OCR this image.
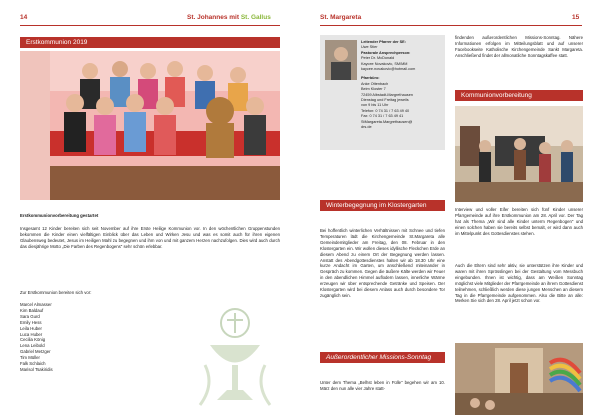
14	St. Johannes mit St. Gallus
Erstkommunion 2019
Erstkommunionvorbereitung gestartet
Insgesamt 12 Kinder bereiten sich seit November auf ihre Erste Heilige Kommunion vor. In den wöchentlichen Gruppenstunden bekommen die Kinder einen vielfältigen Einblick über das Leben und Wirken Jesu und was es somit auch für ihren eigenen Glaubensweg bedeutet, Jesus im Heiligen Mahl zu begegnen und ihm von und mit ganzem Herzen nachzufolgen. Dies wird auch durch das diesjährige Motto „Die Farben des Regenbogens" sehr schön erlebbar.
Zur Erstkommunion bereiten sich vor:
Marcel Almasser
Kim Baldauf
Sara Gurd
Emily Hess
Leila Huber
Luca Huber
Cecilia König
Lena Leibold
Gabriel Metzger
Tim Müller
Falk Schlaich
Marisol Tsakiridis
St. Margareta	15
Leitender Pfarrer der SE:
Uwe Stier
Pastorale Ansprechperson:
Peter Dr. McDonald
Kaycee Novakovic, SM/MM
kaycee.novakovic@hotmail.com
Pfarrbüro:
Anke Ottenbach
Beim Kloster 7
72459 Albstadt-Margrethausen
Dienstag und Freitag jeweils
von 9 bis 11 Uhr
Telefon: 0 74 31 / 7 63 49 40
Fax: 0 74 31 / 7 63 49 41
StMargareta.Margrethausen@
drs.de
findenden außerordentlichen Missions-Sonntag. Nähere Informationen erfolgen im Mitteilungsblatt und auf unserer Facebookseite Katholische Kirchengemeinde Sankt Margareta. Anschließend findet der allmonatliche Sonntagskaffee statt.
Kommunionvorbereitung
Interview und voller Eifer bereiten sich fünf Kinder unserer Pfarrgemeinde auf ihre Erstkommunion am 28. April vor. Der Tag hat als Thema „Wir sind alle Kinder unterm Regenbogen" und einen solchen haben sie bereits selbst bemalt, er wird dann auch im Mittelpunkt des Gottesdienstes stehen.
Auch die Eltern sind sehr aktiv, sie unterstützen ihre Kinder und waren mit ihren Sprösslingen bei der Gestaltung vom Messbuch eingebunden. Ihnen ist wichtig, dass am Weißen Sonntag möglichst viele Mitglieder der Pfarrgemeinde an ihrem Gottesdienst teilnehmen, schließlich werden diese jungen Menschen an diesem Tag in die Pfarrgemeinde aufgenommen. Also die Bitte an alle: Merken Sie sich den 28. April jetzt schon vor.
Winterbegegnung im Klostergarten
Bei hoffentlich winterlichen Verhältnissen mit Schnee und tiefen Temperaturen lädt die Kirchengemeinde St.Margareta alle Gemeindemitglieder am Freitag, den 08. Februar in den Klostergarten ein. Wir wollen dieses idyllische Fleckchen Erde an diesem Abend zu einem Ort der Begegnung werden lassen. Anstatt des Abendgottesdienstes halten wir ab 18.30 Uhr eine kurze Andacht im Garten, um anschließend miteinander in Gespräch zu kommen. Gegen die äußere Kälte werden wir Feuer in den abendlichen Himmel auflodern lassen, innerliche Wärme erzeugen wir über entsprechende Getränke und Speisen. Der Klostergarten wird bei diesem Anlass auch durch besondere Tor zugänglich sein.
Außerordentlicher Missions-Sonntag
Unter dem Thema „Belhst leben in Fülle" begehen wir am 10. März den nun alle vier Jahre statt-
